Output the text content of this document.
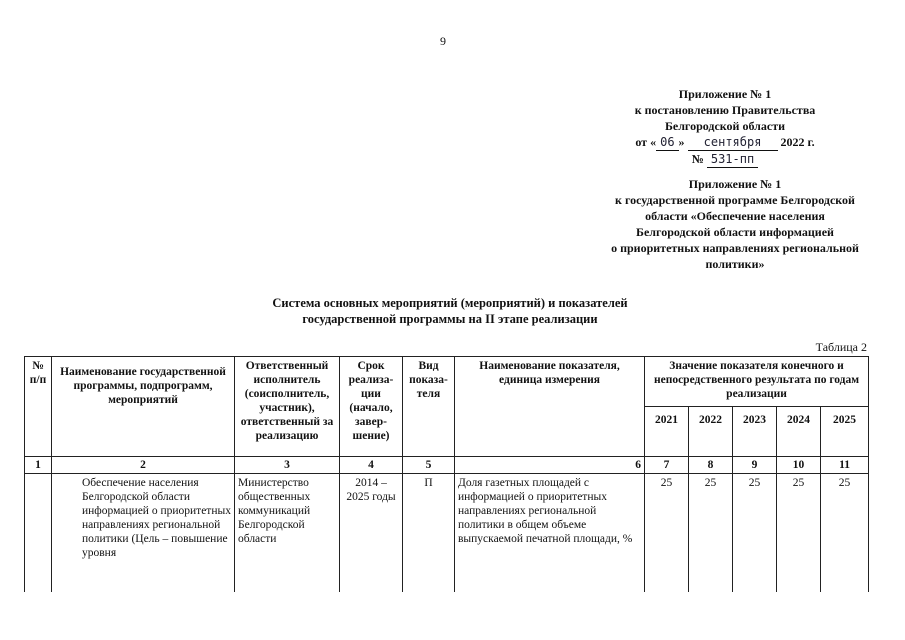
9
Приложение № 1
к постановлению Правительства
Белгородской области
от « 06 » сентября 2022 г.
№ 531-пп
Приложение № 1
к государственной программе Белгородской
области «Обеспечение населения
Белгородской области информацией
о приоритетных направлениях региональной
политики»
Система основных мероприятий (мероприятий) и показателей
государственной программы на II этапе реализации
Таблица 2
№ п/п	Наименование государственной программы, подпрограмм, мероприятий	Ответственный исполнитель (соисполнитель, участник), ответственный за реализацию	Срок реализа-ции (начало, завер-шение)	Вид показа-теля	Наименование показателя, единица измерения	Значение показателя конечного и непосредственного результата по годам реализации				
						2021	2022	2023	2024	2025
1	2	3	4	5	6	7	8	9	10	11
	Обеспечение населения Белгородской области информацией о приоритетных направлениях региональной политики (Цель – повышение уровня	Министерство общественных коммуникаций Белгородской области	2014 – 2025 годы	П	Доля газетных площадей с информацией о приоритетных направлениях региональной политики в общем объеме выпускаемой печатной площади, %	25	25	25	25	25
